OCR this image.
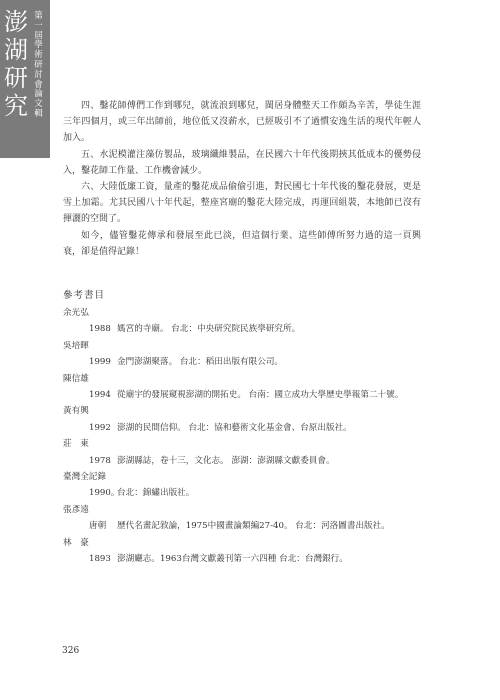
澎湖研究
第一屆學術研討會論文輯

四、鑿花師傅們工作到哪兒，就流浪到哪兒，閩居身體整天工作頗為辛苦，學徒生涯三年四個月，或三年出師前，地位低又沒薪水，已經吸引不了過慣安逸生活的現代年輕人加入。

五、水泥模灌注藻仿製品，玻璃纖維製品，在民國六十年代後期挾其低成本的優勢侵入，鑿花師工作量、工作機會減少。

六、大陸低廉工資，量產的鑿花成品偷偷引進，對民國七十年代後的鑿花發展，更是雪上加霜。尤其民國八十年代起，整座宮廟的鑿花大陸完成，再運回組裝，本地師已沒有揮灑的空間了。

如今，儘管鑿花傳承和發展至此已淡，但這個行業、這些師傅所努力過的這一頁興衰，卻是值得記錄！

參考書目
余光弘
1988 媽宮的寺廟。 台北：中央研究院民族學研究所。
吳培暉
1999 金門澎湖聚落。 台北：稻田出版有限公司。
陳信雄
1994 從廟宇的發展窺視澎湖的開拓史。 台南：國立成功大學歷史學報第二十號。
黃有興
1992 澎湖的民間信仰。 台北：協和藝術文化基金會、台原出版社。
莊　東
1978 澎湖縣誌，卷十三，文化志。 澎湖：澎湖縣文獻委員會。
臺灣全記錄
1990。台北：錦繡出版社。
張彥遠
唐朝 歷代名畫記敘論，1975中國畫論類編27-40。 台北：河洛圖書出版社。
林　豪
1893 澎湖廳志。1963台灣文獻叢刊第一六四種 台北：台灣銀行。
326
